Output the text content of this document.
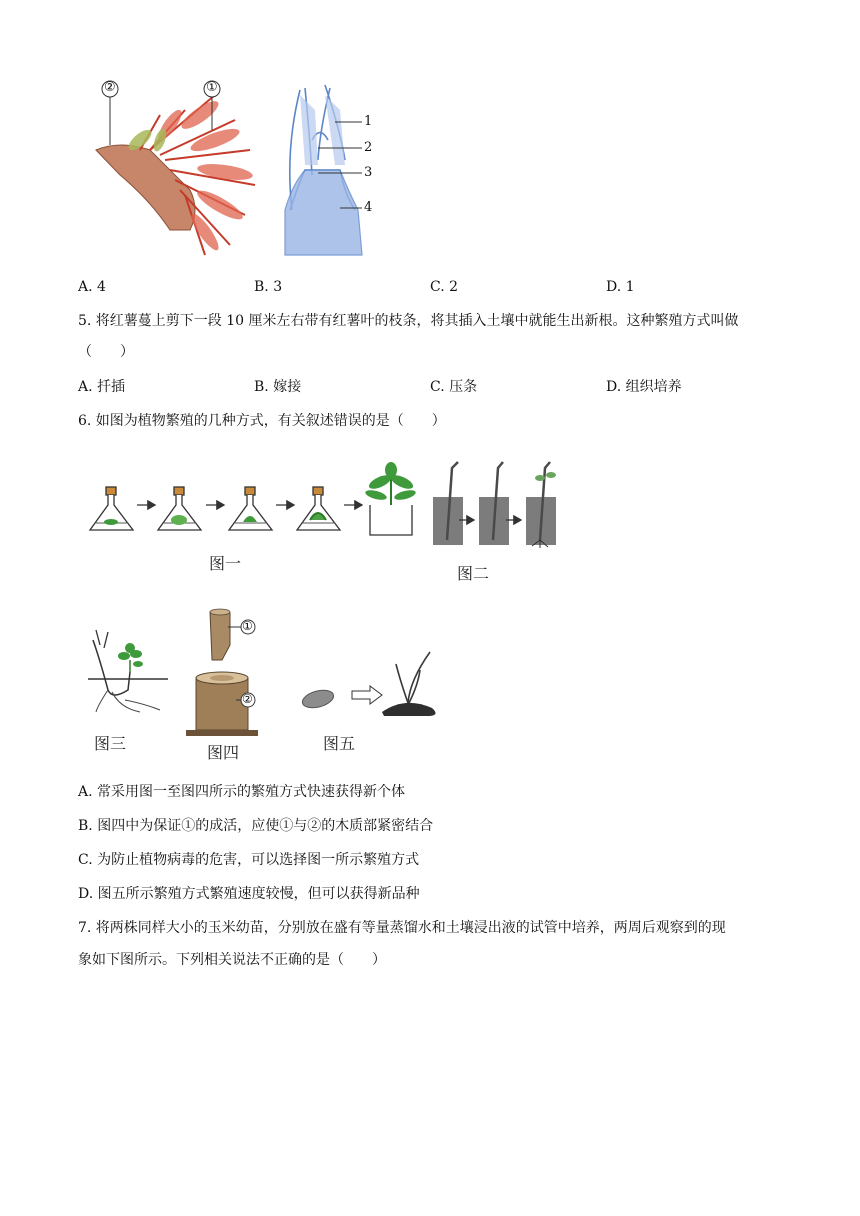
②	①
1
2
3
4
A. 4	B. 3	C. 2	D. 1
5. 将红薯蔓上剪下一段 10 厘米左右带有红薯叶的枝条，将其插入土壤中就能生出新根。这种繁殖方式叫做
（　　）
A. 扦插	B. 嫁接	C. 压条	D. 组织培养
6. 如图为植物繁殖的几种方式，有关叙述错误的是（　　）
图一
图二
图三
①
②
图四	图五
A. 常采用图一至图四所示的繁殖方式快速获得新个体
B. 图四中为保证①的成活，应使①与②的木质部紧密结合
C. 为防止植物病毒的危害，可以选择图一所示繁殖方式
D. 图五所示繁殖方式繁殖速度较慢，但可以获得新品种
7. 将两株同样大小的玉米幼苗，分别放在盛有等量蒸馏水和土壤浸出液的试管中培养，两周后观察到的现
象如下图所示。下列相关说法不正确的是（　　）
